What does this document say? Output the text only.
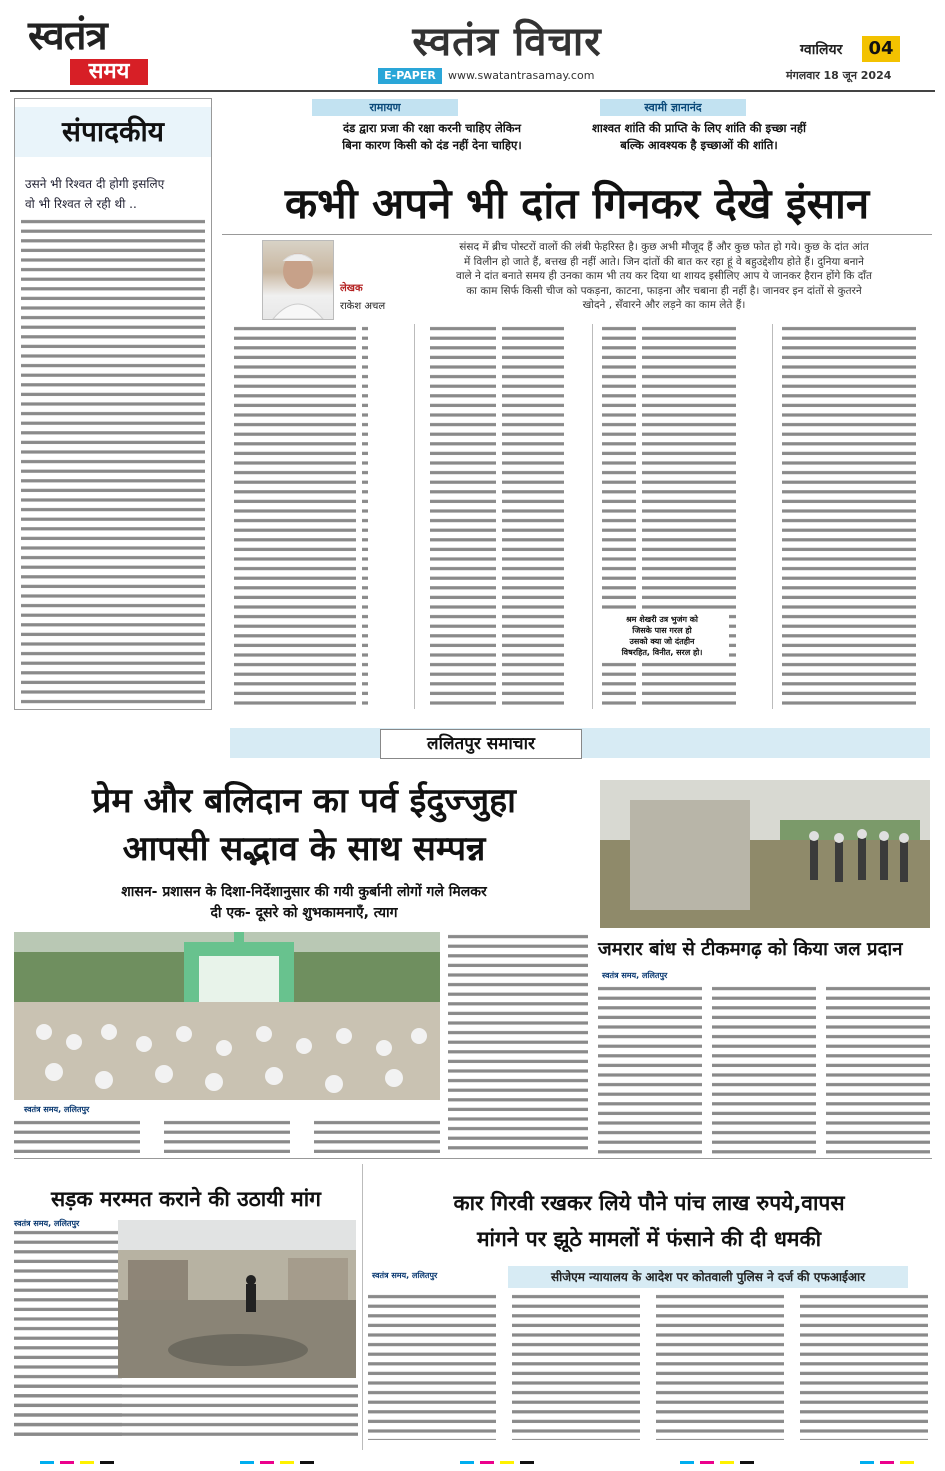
स्वतंत्र
समय
स्वतंत्र विचार
E-PAPER	www.swatantrasamay.com
ग्वालियर	04
मंगलवार 18 जून 2024
संपादकीय
उसने भी रिश्वत दी होगी इसलिए
वो भी रिश्वत ले रही थी ..
रामायण
दंड द्वारा प्रजा की रक्षा करनी चाहिए लेकिन
बिना कारण किसी को दंड नहीं देना चाहिए।
स्वामी ज्ञानानंद
शाश्वत शांति की प्राप्ति के लिए शांति की इच्छा नहीं
बल्कि आवश्यक है इच्छाओं की शांति।
कभी अपने भी दांत गिनकर देखे इंसान
लेखक
राकेश अचल
संसद में ब्रीच पोस्टरों वालों की लंबी फेहरिस्त है। कुछ अभी मौजूद हैं और कुछ फोत हो गये। कुछ के दांत आंत
में विलीन हो जाते हैं, बत्तख ही नहीं आते। जिन दांतों की बात कर रहा हूं वे बहुउद्देशीय होते हैं। दुनिया बनाने
वाले ने दांत बनाते समय ही उनका काम भी तय कर दिया था शायद इसीलिए आप ये जानकर हैरान होंगे कि दाँत
का काम सिर्फ किसी चीज को पकड़ना, काटना, फाड़ना और चबाना ही नहीं है। जानवर इन दांतों से कुतरने
खोदने , सँवारने और लड़ने का काम लेते हैं।
श्रम शेखरी उत्र भुजंग को
जिसके पास गरल हो
उसको क्या जो दंतहीन
विषरहित, विनीत, सरल हो।
ललितपुर समाचार
प्रेम और बलिदान का पर्व ईदुज्जुहा
आपसी सद्भाव के साथ सम्पन्न
शासन- प्रशासन के दिशा-निर्देशानुसार की गयी कुर्बानी लोगों गले मिलकर
दी एक- दूसरे को शुभकामनाएँ, त्याग
स्वतंत्र समय, ललितपुर
जमरार बांध से टीकमगढ़ को किया जल प्रदान
स्वतंत्र समय, ललितपुर
सड़क मरम्मत कराने की उठायी मांग
स्वतंत्र समय, ललितपुर
कार गिरवी रखकर लिये पौने पांच लाख रुपये,वापस
मांगने पर झूठे मामलों में फंसाने की दी धमकी
सीजेएम न्यायालय के आदेश पर कोतवाली पुलिस ने दर्ज की एफआईआर
स्वतंत्र समय, ललितपुर
